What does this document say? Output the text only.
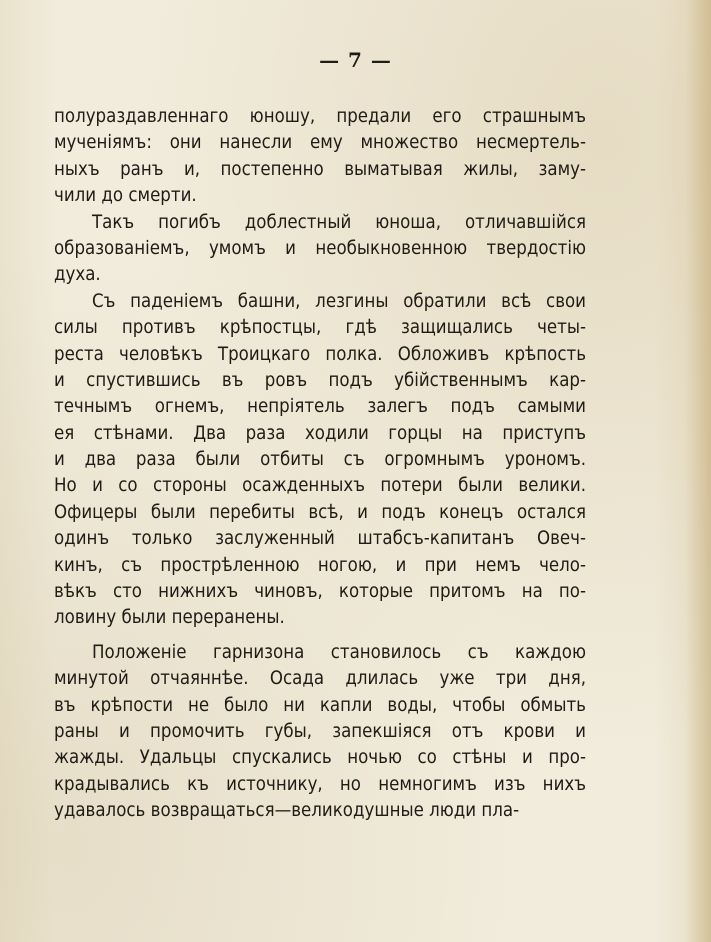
— 7 —
полураздавленнаго юношу, предали его страшнымъ
мученіямъ: они нанесли ему множество несмертель-
ныхъ ранъ и, постепенно выматывая жилы, заму-
чили до смерти.
Такъ погибъ доблестный юноша, отличавшійся
образованіемъ, умомъ и необыкновенною твердостію
духа.
Съ паденіемъ башни, лезгины обратили всѣ свои
силы противъ крѣпостцы, гдѣ защищались четы-
реста человѣкъ Троицкаго полка. Обложивъ крѣпость
и спустившись въ ровъ подъ убійственнымъ кар-
течнымъ огнемъ, непріятель залегъ подъ самыми
ея стѣнами. Два раза ходили горцы на приступъ
и два раза были отбиты съ огромнымъ урономъ.
Но и со стороны осажденныхъ потери были велики.
Офицеры были перебиты всѣ, и подъ конецъ остался
одинъ только заслуженный штабсъ-капитанъ Овеч-
кинъ, съ прострѣленною ногою, и при немъ чело-
вѣкъ сто нижнихъ чиновъ, которые притомъ на по-
ловину были переранены.
Положеніе гарнизона становилось съ каждою
минутой отчаяннѣе. Осада длилась уже три дня,
въ крѣпости не было ни капли воды, чтобы обмыть
раны и промочить губы, запекшіяся отъ крови и
жажды. Удальцы спускались ночью со стѣны и про-
крадывались къ источнику, но немногимъ изъ нихъ
удавалось возвращаться—великодушные люди пла-
